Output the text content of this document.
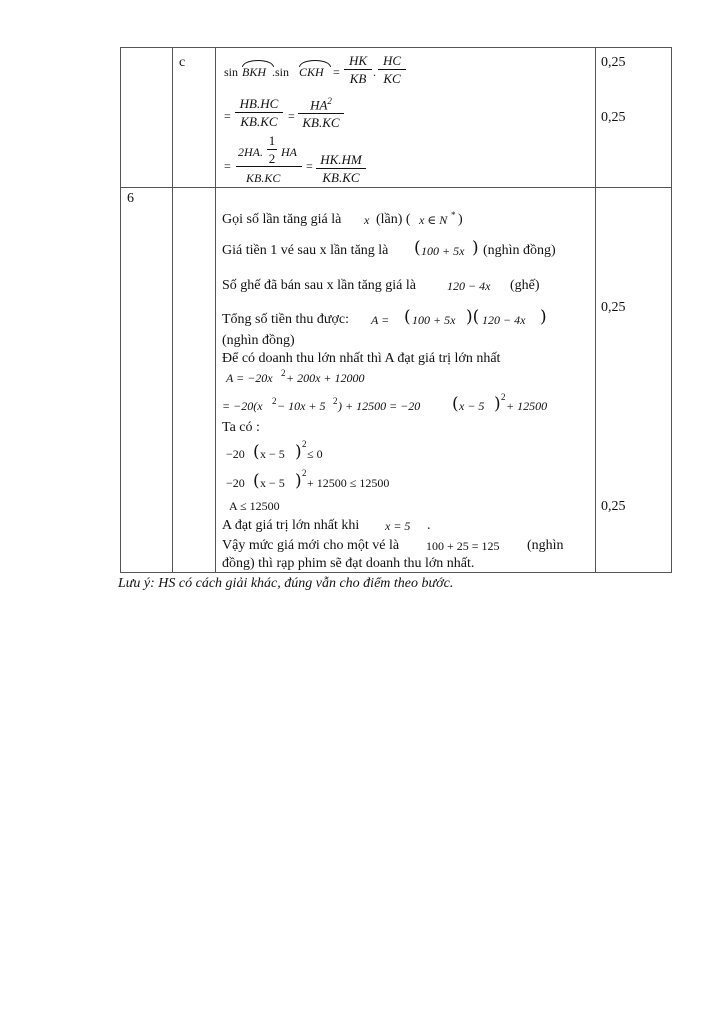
c
sin BKH .sin CKH =
HK
KB .
HC
KC
=
HB.HC
KB.KC =
$HA^2$
KB.KC
=
2HA.
1
2 HA
KB.KC
= HK.HM
KB.KC
0,25
0,25
6
Gọi số lần tăng giá là x (lần) ( x ∈ N * )
Giá tiền 1 vé sau x lần tăng là ( 100 + 5x ) (nghìn đồng)
Số ghế đã bán sau x lần tăng giá là	120 − 4x (ghế)
Tổng số tiền thu được: A = ( 100 + 5x )( 120 − 4x )
(nghìn đồng)
Để có doanh thu lớn nhất thì A đạt giá trị lớn nhất
A = −20x 2 + 200x + 12000
= −20(x 2 − 10x + 5 2 ) + 12500 = −20 ( x − 5 ) 2
+ 12500
Ta có :
−20 ( x − 5 ) 2
≤ 0
−20 ( x − 5 ) 2
+ 12500 ≤ 12500
A ≤ 12500
A đạt giá trị lớn nhất khi x = 5 .
Vậy mức giá mới cho một vé là 100 + 25 = 125 (nghìn
đồng) thì rạp phim sẽ đạt doanh thu lớn nhất.
0,25
0,25
Lưu ý: HS có cách giải khác, đúng vẫn cho điểm theo bước.
